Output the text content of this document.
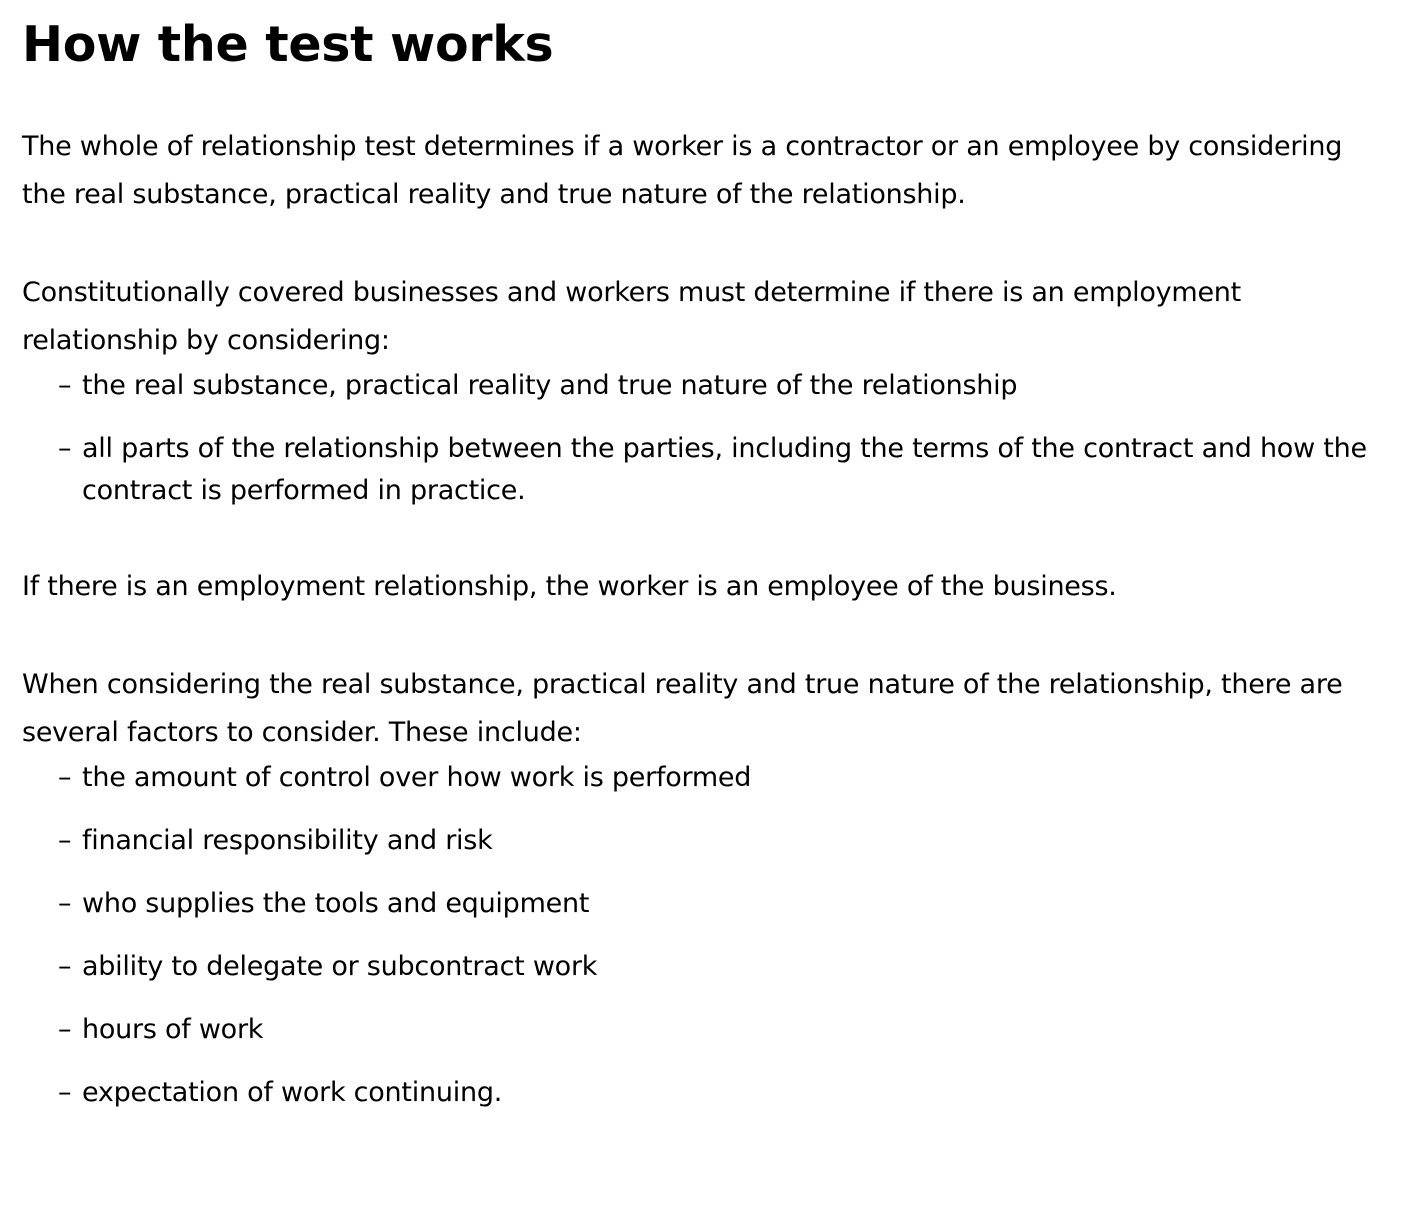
How the test works

The whole of relationship test determines if a worker is a contractor or an employee by considering the real substance, practical reality and true nature of the relationship.

Constitutionally covered businesses and workers must determine if there is an employment relationship by considering:

– the real substance, practical reality and true nature of the relationship
– all parts of the relationship between the parties, including the terms of the contract and how the contract is performed in practice.

If there is an employment relationship, the worker is an employee of the business.

When considering the real substance, practical reality and true nature of the relationship, there are several factors to consider. These include:

– the amount of control over how work is performed
– financial responsibility and risk
– who supplies the tools and equipment
– ability to delegate or subcontract work
– hours of work
– expectation of work continuing.
